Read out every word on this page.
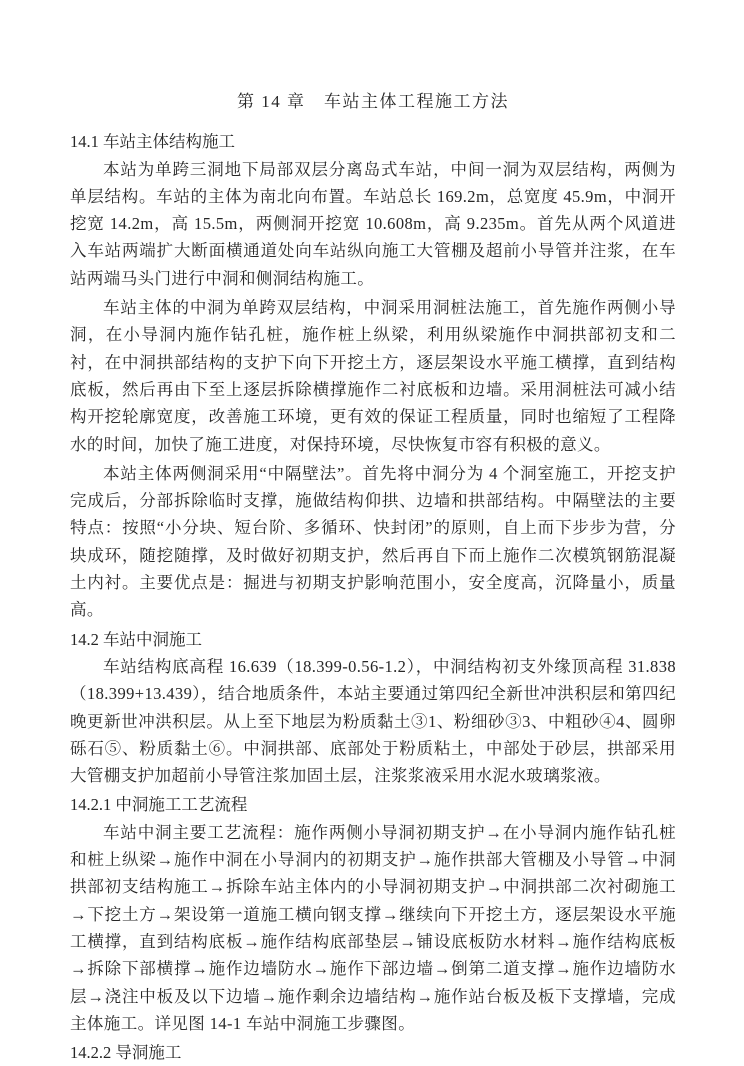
第 14 章　车站主体工程施工方法
14.1 车站主体结构施工

本站为单跨三洞地下局部双层分离岛式车站，中间一洞为双层结构，两侧为单层结构。车站的主体为南北向布置。车站总长 169.2m，总宽度 45.9m，中洞开挖宽 14.2m，高 15.5m，两侧洞开挖宽 10.608m，高 9.235m。首先从两个风道进入车站两端扩大断面横通道处向车站纵向施工大管棚及超前小导管并注浆，在车站两端马头门进行中洞和侧洞结构施工。

车站主体的中洞为单跨双层结构，中洞采用洞桩法施工，首先施作两侧小导洞，在小导洞内施作钻孔桩，施作桩上纵梁，利用纵梁施作中洞拱部初支和二衬，在中洞拱部结构的支护下向下开挖土方，逐层架设水平施工横撑，直到结构底板，然后再由下至上逐层拆除横撑施作二衬底板和边墙。采用洞桩法可减小结构开挖轮廓宽度，改善施工环境，更有效的保证工程质量，同时也缩短了工程降水的时间，加快了施工进度，对保持环境，尽快恢复市容有积极的意义。

本站主体两侧洞采用“中隔壁法”。首先将中洞分为 4 个洞室施工，开挖支护完成后，分部拆除临时支撑，施做结构仰拱、边墙和拱部结构。中隔壁法的主要特点：按照“小分块、短台阶、多循环、快封闭”的原则，自上而下步步为营，分块成环，随挖随撑，及时做好初期支护，然后再自下而上施作二次模筑钢筋混凝土内衬。主要优点是：掘进与初期支护影响范围小，安全度高，沉降量小，质量高。

14.2 车站中洞施工

车站结构底高程 16.639（18.399-0.56-1.2），中洞结构初支外缘顶高程 31.838（18.399+13.439），结合地质条件，本站主要通过第四纪全新世冲洪积层和第四纪晚更新世冲洪积层。从上至下地层为粉质黏土③1、粉细砂③3、中粗砂④4、圆卵砾石⑤、粉质黏土⑥。中洞拱部、底部处于粉质粘土，中部处于砂层，拱部采用大管棚支护加超前小导管注浆加固土层，注浆浆液采用水泥水玻璃浆液。

14.2.1 中洞施工工艺流程

车站中洞主要工艺流程：施作两侧小导洞初期支护→在小导洞内施作钻孔桩和桩上纵梁→施作中洞在小导洞内的初期支护→施作拱部大管棚及小导管→中洞拱部初支结构施工→拆除车站主体内的小导洞初期支护→中洞拱部二次衬砌施工→下挖土方→架设第一道施工横向钢支撑→继续向下开挖土方，逐层架设水平施工横撑，直到结构底板→施作结构底部垫层→铺设底板防水材料→施作结构底板→拆除下部横撑→施作边墙防水→施作下部边墙→倒第二道支撑→施作边墙防水层→浇注中板及以下边墙→施作剩余边墙结构→施作站台板及板下支撑墙，完成主体施工。详见图 14-1 车站中洞施工步骤图。

14.2.2 导洞施工
